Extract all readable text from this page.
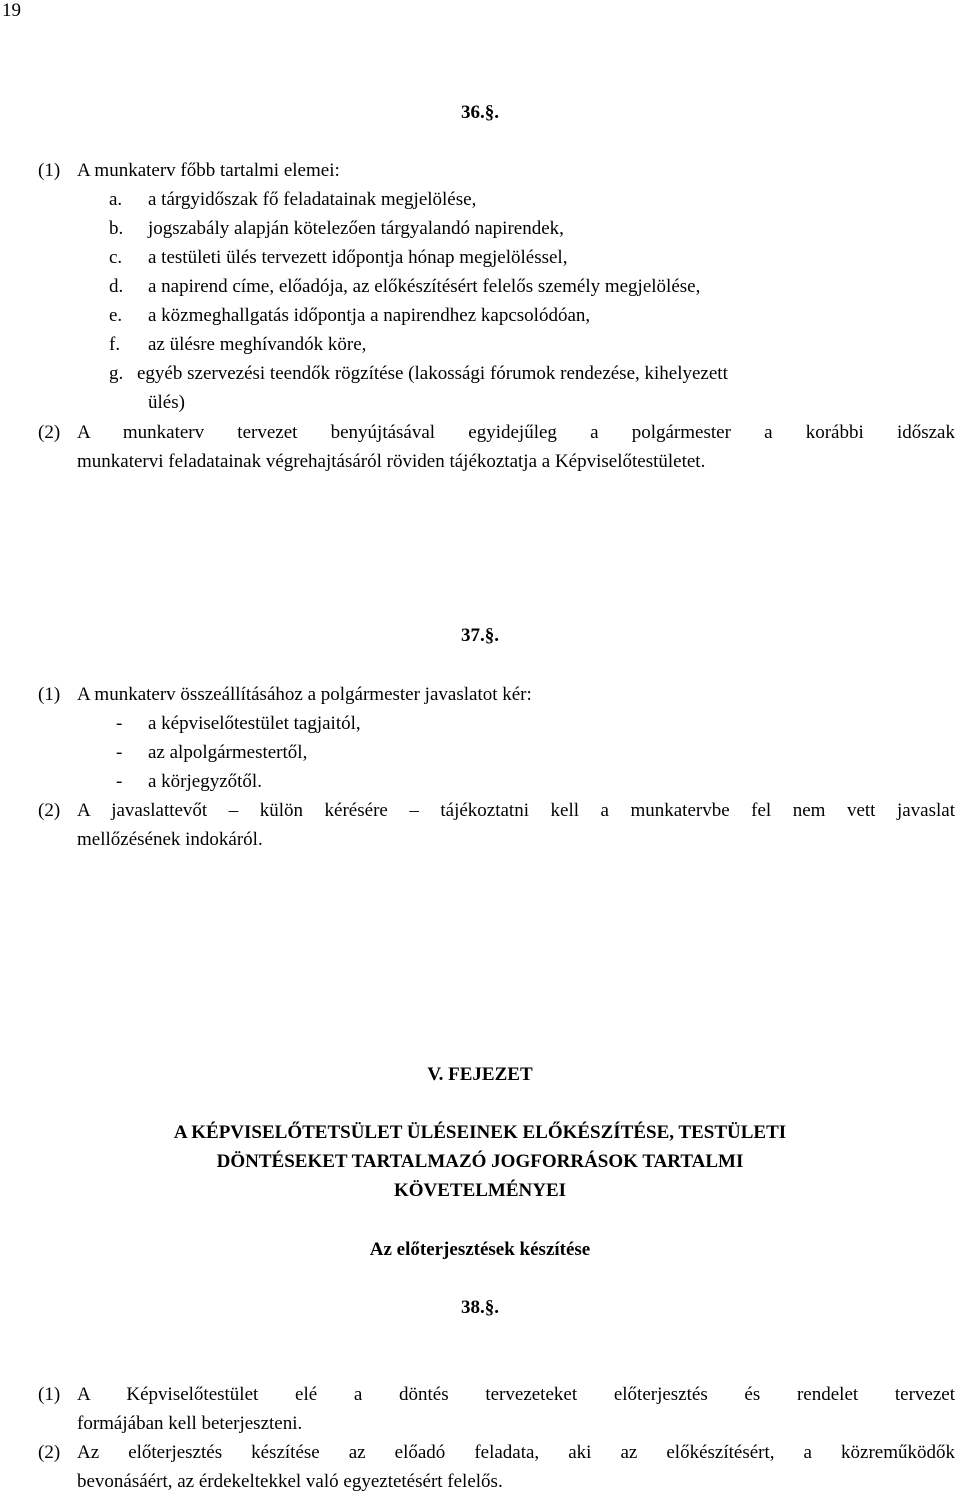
19
36.§.
(1) A munkaterv főbb tartalmi elemei:
a. a tárgyidőszak fő feladatainak megjelölése,
b. jogszabály alapján kötelezően tárgyalandó napirendek,
c. a testületi ülés tervezett időpontja hónap megjelöléssel,
d. a napirend címe, előadója, az előkészítésért felelős személy megjelölése,
e. a közmeghallgatás időpontja a napirendhez kapcsolódóan,
f. az ülésre meghívandók köre,
g. egyéb szervezési teendők rögzítése (lakossági fórumok rendezése, kihelyezett
ülés)
(2) A munkaterv tervezet benyújtásával egyidejűleg a polgármester a korábbi időszak
munkatervi feladatainak végrehajtásáról röviden tájékoztatja a Képviselőtestületet.
37.§.
(1) A munkaterv összeállításához a polgármester javaslatot kér:
- a képviselőtestület tagjaitól,
- az alpolgármestertől,
- a körjegyzőtől.
(2) A javaslattevőt – külön kérésére – tájékoztatni kell a munkatervbe fel nem vett javaslat
mellőzésének indokáról.
V. FEJEZET
A KÉPVISELŐTETSÜLET ÜLÉSEINEK ELŐKÉSZÍTÉSE, TESTÜLETI
DÖNTÉSEKET TARTALMAZÓ JOGFORRÁSOK TARTALMI
KÖVETELMÉNYEI
Az előterjesztések készítése
38.§.
(1) A Képviselőtestület elé a döntés tervezeteket előterjesztés és rendelet tervezet
formájában kell beterjeszteni.
(2) Az előterjesztés készítése az előadó feladata, aki az előkészítésért, a közreműködők
bevonásáért, az érdekeltekkel való egyeztetésért felelős.
